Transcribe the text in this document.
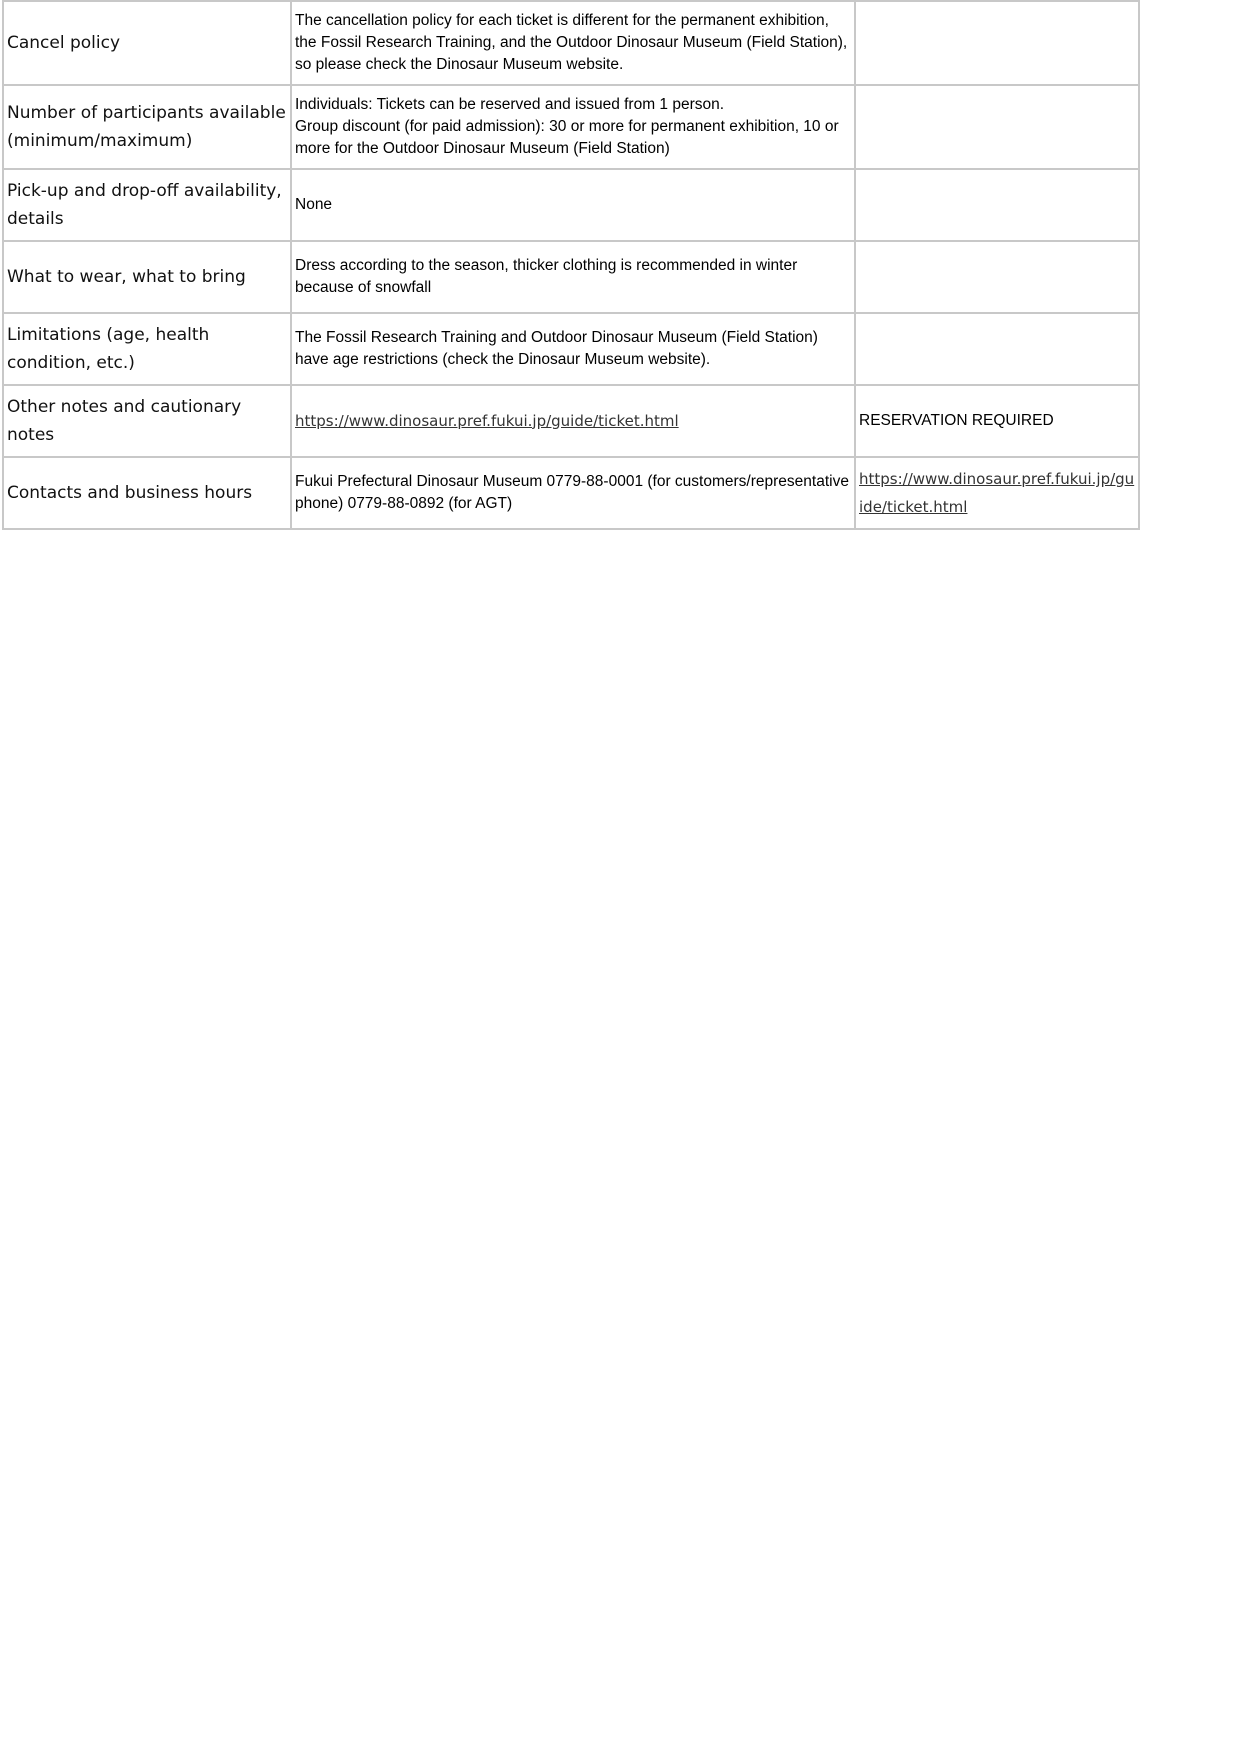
Cancel policy	The cancellation policy for each ticket is different for the permanent exhibition, the Fossil Research Training, and the Outdoor Dinosaur Museum (Field Station), so please check the Dinosaur Museum website.	
Number of participants available (minimum/maximum)	Individuals: Tickets can be reserved and issued from 1 person.
Group discount (for paid admission): 30 or more for permanent exhibition, 10 or more for the Outdoor Dinosaur Museum (Field Station)	

Pick-up and drop-off availability, details	None	
What to wear, what to bring	Dress according to the season, thicker clothing is recommended in winter because of snowfall	
Limitations (age, health condition, etc.)	The Fossil Research Training and Outdoor Dinosaur Museum (Field Station) have age restrictions (check the Dinosaur Museum website).	
Other notes and cautionary notes	https://www.dinosaur.pref.fukui.jp/guide/ticket.html	RESERVATION REQUIRED
Contacts and business hours	Fukui Prefectural Dinosaur Museum 0779-88-0001 (for customers/representative phone) 0779-88-0892 (for AGT)	https://www.dinosaur.pref.fukui.jp/guide/ticket.html
